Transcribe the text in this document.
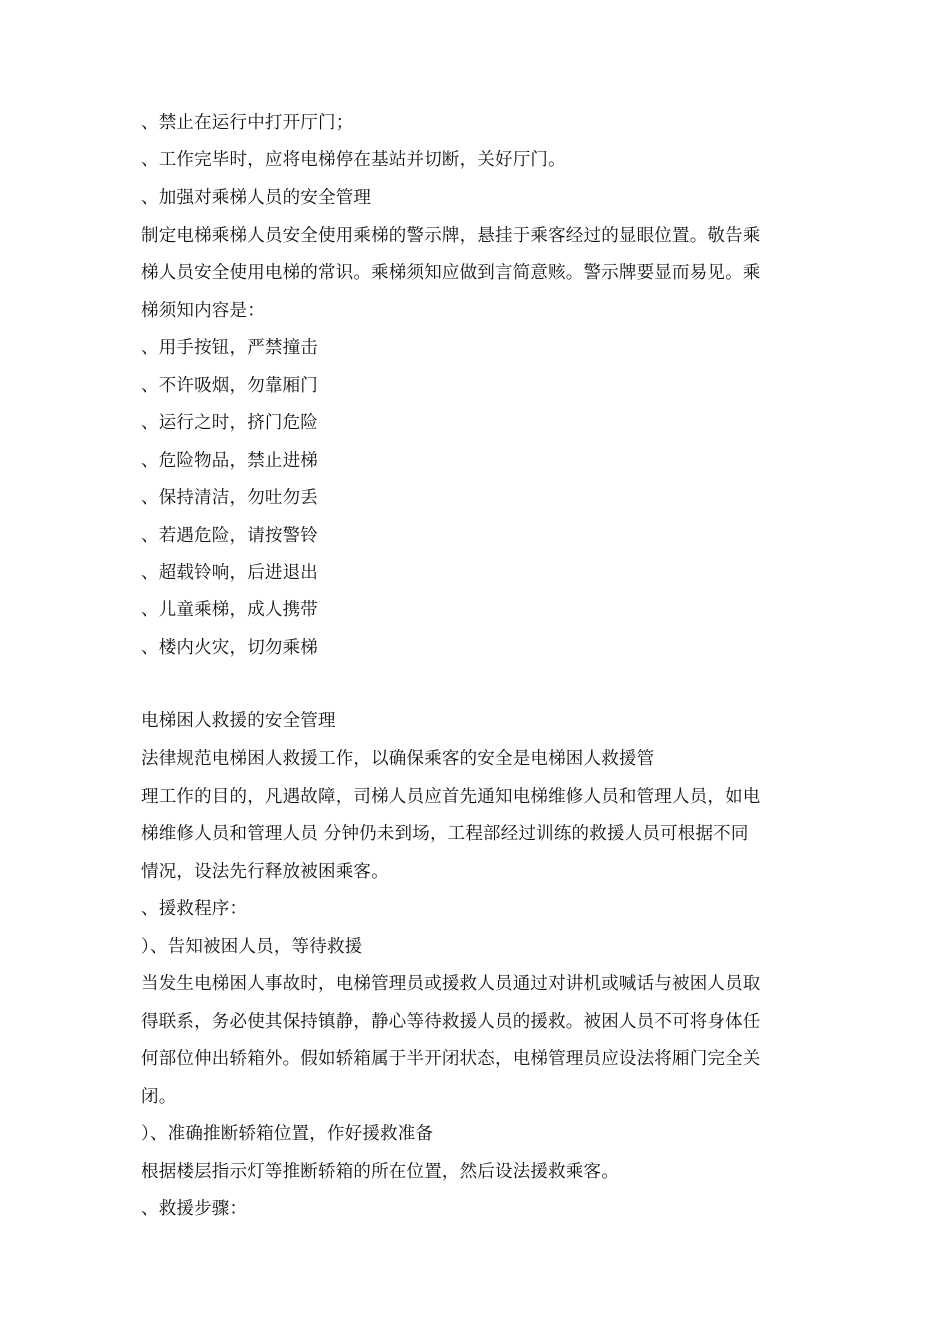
、禁止在运行中打开厅门；
、工作完毕时，应将电梯停在基站并切断，关好厅门。
、加强对乘梯人员的安全管理
制定电梯乘梯人员安全使用乘梯的警示牌，悬挂于乘客经过的显眼位置。敬告乘
梯人员安全使用电梯的常识。乘梯须知应做到言简意赅。警示牌要显而易见。乘
梯须知内容是：
、用手按钮，严禁撞击
、不许吸烟，勿靠厢门
、运行之时，挤门危险
、危险物品，禁止进梯
、保持清洁，勿吐勿丢
、若遇危险，请按警铃
、超载铃响，后进退出
、儿童乘梯，成人携带
、楼内火灾，切勿乘梯
电梯困人救援的安全管理
法律规范电梯困人救援工作，以确保乘客的安全是电梯困人救援管
理工作的目的，凡遇故障，司梯人员应首先通知电梯维修人员和管理人员，如电
梯维修人员和管理人员 分钟仍未到场，工程部经过训练的救援人员可根据不同
情况，设法先行释放被困乘客。
、援救程序：
）、告知被困人员，等待救援
当发生电梯困人事故时，电梯管理员或援救人员通过对讲机或喊话与被困人员取
得联系，务必使其保持镇静，静心等待救援人员的援救。被困人员不可将身体任
何部位伸出轿箱外。假如轿箱属于半开闭状态，电梯管理员应设法将厢门完全关
闭。
）、准确推断轿箱位置，作好援救准备
根据楼层指示灯等推断轿箱的所在位置，然后设法援救乘客。
、救援步骤：
